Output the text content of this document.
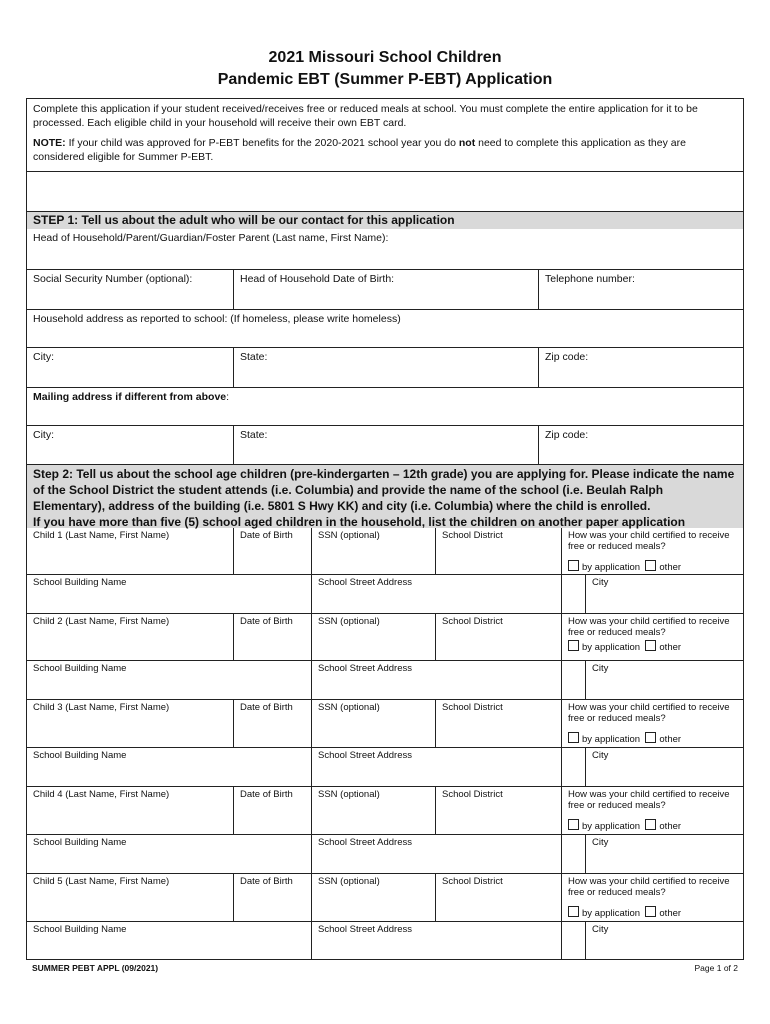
2021 Missouri School Children
Pandemic EBT (Summer P-EBT) Application

Complete this application if your student received/receives free or reduced meals at school. You must complete the entire application for it to be processed. Each eligible child in your household will receive their own EBT card.

NOTE: If your child was approved for P-EBT benefits for the 2020-2021 school year you do not need to complete this application as they are considered eligible for Summer P-EBT.

STEP 1: Tell us about the adult who will be our contact for this application
Head of Household/Parent/Guardian/Foster Parent (Last name, First Name):
Social Security Number (optional):	Head of Household Date of Birth:	Telephone number:
Household address as reported to school: (If homeless, please write homeless)
City:	State:	Zip code:
Mailing address if different from above:
City:	State:	Zip code:
Step 2: Tell us about the school age children (pre-kindergarten – 12th grade) you are applying for. Please indicate the name of the School District the student attends (i.e. Columbia) and provide the name of the school (i.e. Beulah Ralph Elementary), address of the building (i.e. 5801 S Hwy KK) and city (i.e. Columbia) where the child is enrolled.
If you have more than five (5) school aged children in the household, list the children on another paper application
Child 1 (Last Name, First Name)	Date of Birth	SSN (optional)	School District	How was your child certified to receive free or reduced meals?
by application other
School Building Name	School Street Address	City
Child 2 (Last Name, First Name)	Date of Birth	SSN (optional)	School District	How was your child certified to receive free or reduced meals?
by application other
School Building Name	School Street Address	City
Child 3 (Last Name, First Name)	Date of Birth	SSN (optional)	School District	How was your child certified to receive free or reduced meals?
by application other
School Building Name	School Street Address	City
Child 4 (Last Name, First Name)	Date of Birth	SSN (optional)	School District	How was your child certified to receive free or reduced meals?
by application other
School Building Name	School Street Address	City
Child 5 (Last Name, First Name)	Date of Birth	SSN (optional)	School District	How was your child certified to receive free or reduced meals?
by application other
School Building Name	School Street Address	City
SUMMER PEBT APPL (09/2021)	Page 1 of 2
